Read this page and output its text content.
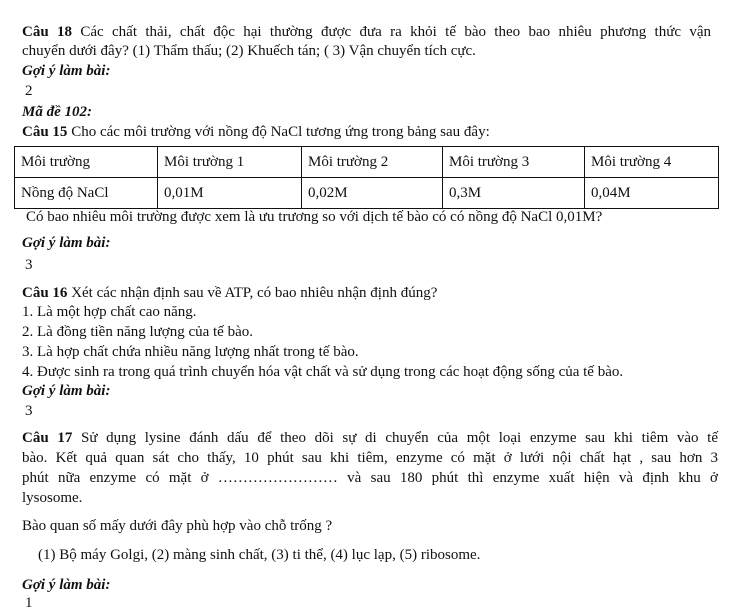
Câu 18 Các chất thải, chất độc hại thường được đưa ra khỏi tế bào theo bao nhiêu phương thức vận
chuyển dưới đây? (1) Thẩm thấu; (2) Khuếch tán; ( 3) Vận chuyển tích cực.
Gợi ý làm bài:
2
Mã đề 102:
Câu 15 Cho các môi trường với nồng độ NaCl tương ứng trong bảng sau đây:
Môi trường	Môi trường 1	Môi trường 2	Môi trường 3	Môi trường 4
Nồng độ NaCl	0,01M	0,02M	0,3M	0,04M
Có bao nhiêu môi trường được xem là ưu trương so với dịch tế bào có có nồng độ NaCl 0,01M?
Gợi ý làm bài:
3
Câu 16 Xét các nhận định sau về ATP, có bao nhiêu nhận định đúng?
1. Là một hợp chất cao năng.
2. Là đồng tiền năng lượng của tế bào.
3. Là hợp chất chứa nhiều năng lượng nhất trong tế bào.
4. Được sinh ra trong quá trình chuyển hóa vật chất và sử dụng trong các hoạt động sống của tế bào.
Gợi ý làm bài:
3
Câu 17 Sử dụng lysine đánh dấu để theo dõi sự di chuyển của một loại enzyme sau khi tiêm vào tế
bào. Kết quả quan sát cho thấy, 10 phút sau khi tiêm, enzyme có mặt ở lưới nội chất hạt , sau hơn 3
phút nữa enzyme có mặt ở …………………… và sau 180 phút thì enzyme xuất hiện và định khu ở
lysosome.
Bào quan số mấy dưới đây phù hợp vào chỗ trống ?
(1) Bộ máy Golgi, (2) màng sinh chất, (3) ti thể, (4) lục lạp, (5) ribosome.
Gợi ý làm bài:
1
